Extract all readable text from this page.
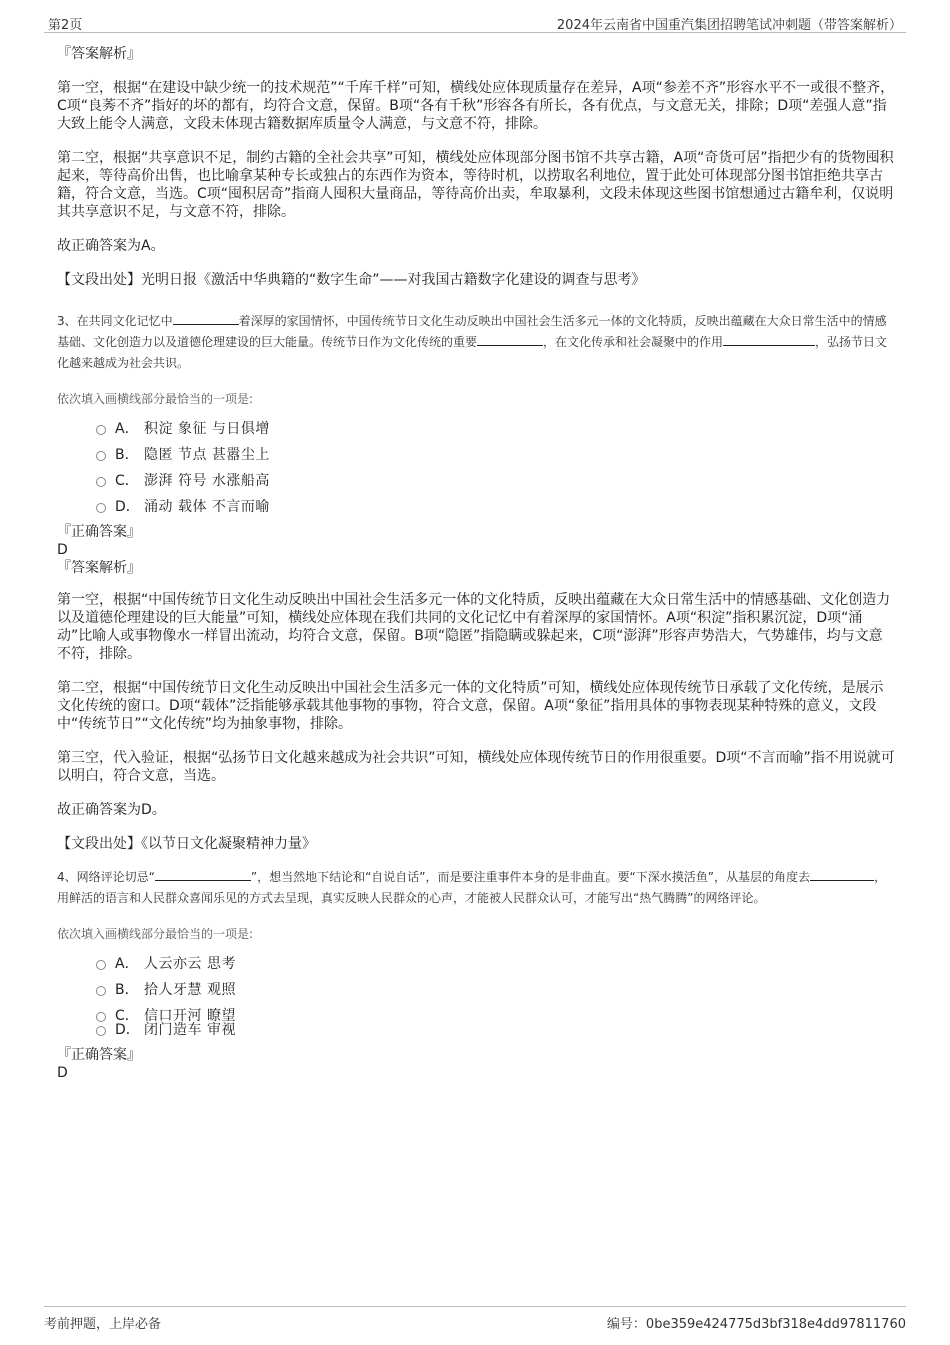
第2页	2024年云南省中国重汽集团招聘笔试冲刺题（带答案解析）

『答案解析』

第一空，根据“在建设中缺少统一的技术规范”“千库千样”可知，横线处应体现质量存在差异，A项“参差不齐”形容水平不一或很不整齐，C项“良莠不齐”指好的坏的都有，均符合文意，保留。B项“各有千秋”形容各有所长，各有优点，与文意无关，排除；D项“差强人意”指大致上能令人满意，文段未体现古籍数据库质量令人满意，与文意不符，排除。

第二空，根据“共享意识不足，制约古籍的全社会共享”可知，横线处应体现部分图书馆不共享古籍，A项“奇货可居”指把少有的货物囤积起来，等待高价出售，也比喻拿某种专长或独占的东西作为资本，等待时机，以捞取名利地位，置于此处可体现部分图书馆拒绝共享古籍，符合文意，当选。C项“囤积居奇”指商人囤积大量商品，等待高价出卖，牟取暴利，文段未体现这些图书馆想通过古籍牟利，仅说明其共享意识不足，与文意不符，排除。

故正确答案为A。

【文段出处】光明日报《激活中华典籍的“数字生命”——对我国古籍数字化建设的调查与思考》

3、在共同文化记忆中	着深厚的家国情怀，中国传统节日文化生动反映出中国社会生活多元一体的文化特质，反映出蕴藏在大众日常生活中的情感基础、文化创造力以及道德伦理建设的巨大能量。传统节日作为文化传统的重要	，在文化传承和社会凝聚中的作用	，弘扬节日文化越来越成为社会共识。

依次填入画横线部分最恰当的一项是:

A． 积淀 象征 与日俱增
B． 隐匿 节点 甚嚣尘上
C． 澎湃 符号 水涨船高
D． 涌动 载体 不言而喻

『正确答案』

D

『答案解析』

第一空，根据“中国传统节日文化生动反映出中国社会生活多元一体的文化特质，反映出蕴藏在大众日常生活中的情感基础、文化创造力以及道德伦理建设的巨大能量”可知，横线处应体现在我们共同的文化记忆中有着深厚的家国情怀。A项“积淀”指积累沉淀，D项“涌动”比喻人或事物像水一样冒出流动，均符合文意，保留。B项“隐匿”指隐瞒或躲起来，C项“澎湃”形容声势浩大，气势雄伟，均与文意不符，排除。

第二空，根据“中国传统节日文化生动反映出中国社会生活多元一体的文化特质”可知，横线处应体现传统节日承载了文化传统，是展示文化传统的窗口。D项“载体”泛指能够承载其他事物的事物，符合文意，保留。A项“象征”指用具体的事物表现某种特殊的意义，文段中“传统节日”“文化传统”均为抽象事物，排除。

第三空，代入验证，根据“弘扬节日文化越来越成为社会共识”可知，横线处应体现传统节日的作用很重要。D项“不言而喻”指不用说就可以明白，符合文意，当选。

故正确答案为D。

【文段出处】《以节日文化凝聚精神力量》

4、网络评论切忌“	”，想当然地下结论和“自说自话”，而是要注重事件本身的是非曲直。要“下深水摸活鱼”，从基层的角度去	，用鲜活的语言和人民群众喜闻乐见的方式去呈现，真实反映人民群众的心声，才能被人民群众认可，才能写出“热气腾腾”的网络评论。

依次填入画横线部分最恰当的一项是:

A． 人云亦云 思考
B． 拾人牙慧 观照
C． 信口开河 瞭望
D． 闭门造车 审视

『正确答案』

D

考前押题，上岸必备	编号：0be359e424775d3bf318e4dd97811760
